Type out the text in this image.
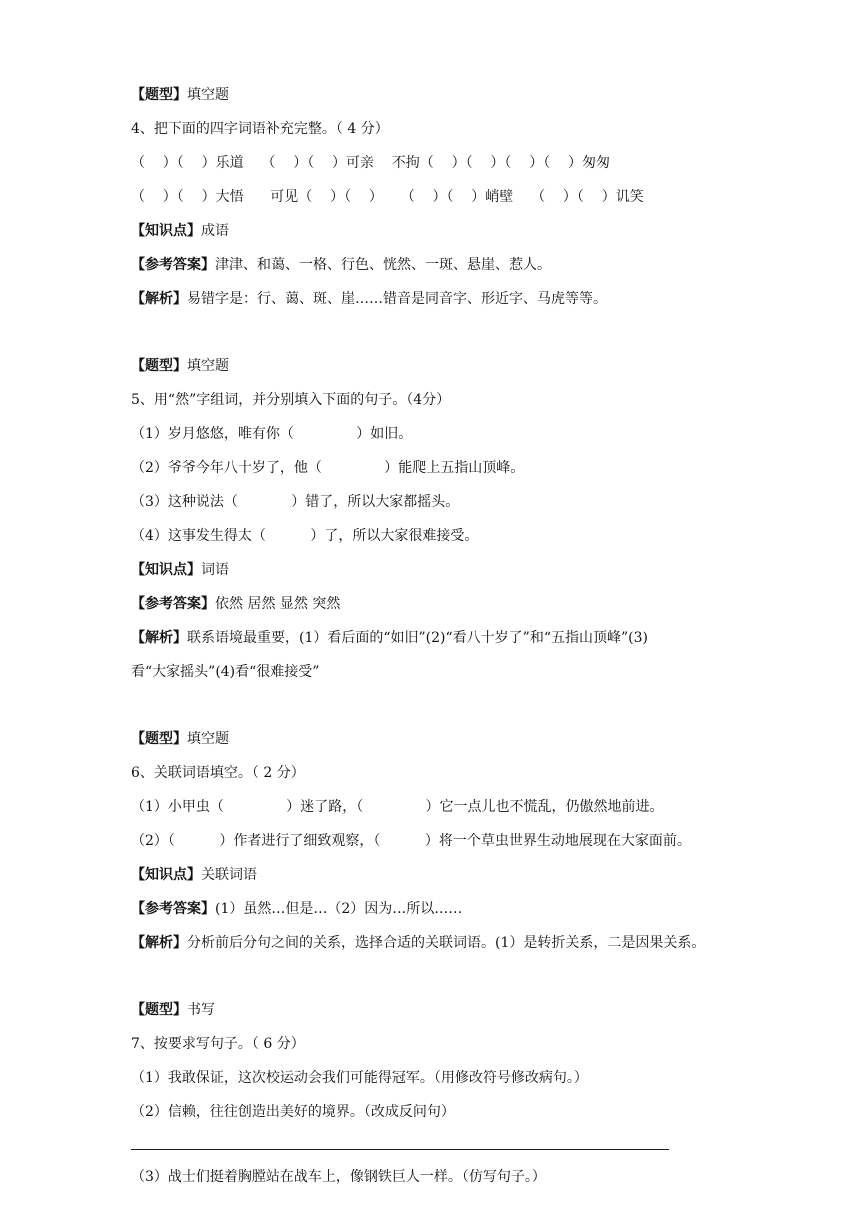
【题型】填空题
4、把下面的四字词语补充完整。（ 4 分）
（    ）（    ）乐道    （    ）（    ）可亲    不拘（    ）（    ）（    ）（    ）匆匆
（    ）（    ）大悟      可见（    ）（    ）    （    ）（    ）峭壁    （    ）（    ）讥笑
【知识点】成语
【参考答案】津津、和蔼、一格、行色、恍然、一斑、悬崖、惹人。
【解析】易错字是：行、蔼、斑、崖……错音是同音字、形近字、马虎等等。
【题型】填空题
5、用“然”字组词，并分别填入下面的句子。（4分）
（1）岁月悠悠，唯有你（              ）如旧。
（2）爷爷今年八十岁了，他（              ）能爬上五指山顶峰。
（3）这种说法（            ）错了，所以大家都摇头。
（4）这事发生得太（          ）了，所以大家很难接受。
【知识点】词语
【参考答案】依然 居然 显然 突然
【解析】联系语境最重要，(1）看后面的“如旧”(2)“看八十岁了”和“五指山顶峰”(3)
看“大家摇头”(4)看“很难接受”
【题型】填空题
6、关联词语填空。（ 2 分）
（1）小甲虫（              ）迷了路，（              ）它一点儿也不慌乱，仍傲然地前进。
（2）（          ）作者进行了细致观察，（          ）将一个草虫世界生动地展现在大家面前。
【知识点】关联词语
【参考答案】(1）虽然…但是…（2）因为…所以……
【解析】分析前后分句之间的关系，选择合适的关联词语。(1）是转折关系，二是因果关系。
【题型】书写
7、按要求写句子。（ 6 分）
（1）我敢保证，这次校运动会我们可能得冠军。（用修改符号修改病句。）
（2）信赖，往往创造出美好的境界。（改成反问句）
（3）战士们挺着胸膛站在战车上，像钢铁巨人一样。（仿写句子。）
